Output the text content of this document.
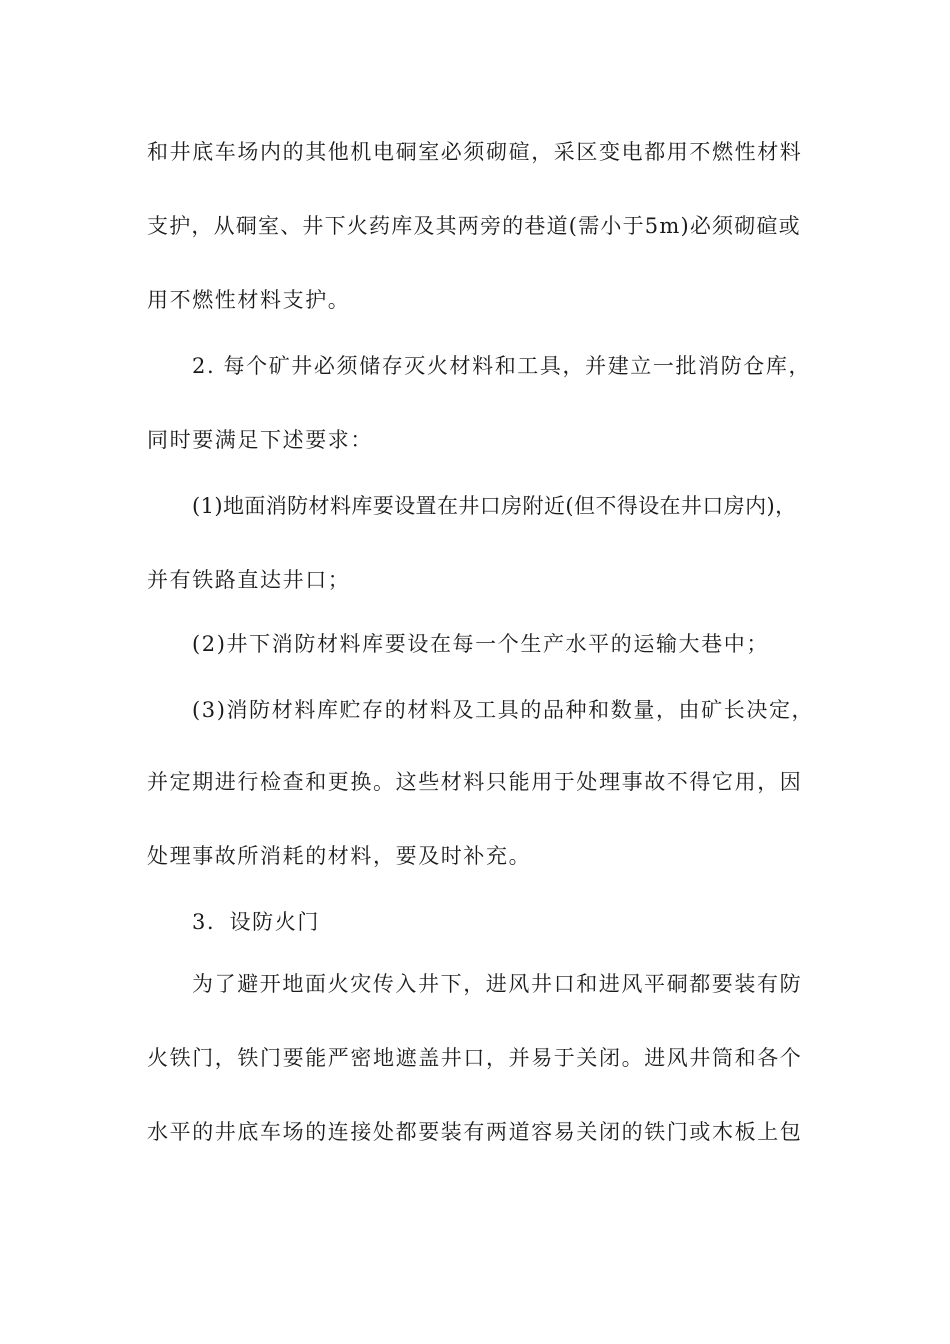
和井底车场内的其他机电硐室必须砌碹，采区变电都用不燃性材料
支护，从硐室、井下火药库及其两旁的巷道(需小于5m)必须砌碹或
用不燃性材料支护。
2. 每个矿井必须储存灭火材料和工具，并建立一批消防仓库，
同时要满足下述要求：
(1)地面消防材料库要设置在井口房附近(但不得设在井口房内)，
并有铁路直达井口；
(2)井下消防材料库要设在每一个生产水平的运输大巷中；
(3)消防材料库贮存的材料及工具的品种和数量，由矿长决定，
并定期进行检查和更换。这些材料只能用于处理事故不得它用，因
处理事故所消耗的材料，要及时补充。
3．设防火门
为了避开地面火灾传入井下，进风井口和进风平硐都要装有防
火铁门，铁门要能严密地遮盖井口，并易于关闭。进风井筒和各个
水平的井底车场的连接处都要装有两道容易关闭的铁门或木板上包
